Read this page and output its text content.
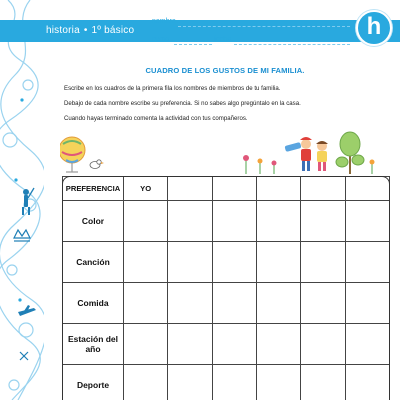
historia • 1º básico
nombre
curso	fecha	h
CUADRO DE LOS GUSTOS DE MI FAMILIA.
Escribe en los cuadros de la primera fila los nombres de miembros de tu familia.
Debajo de cada nombre escribe su preferencia. Si no sabes algo pregúntalo en la casa.
Cuando hayas terminado comenta la actividad con tus compañeros.
PREFERENCIA	YO					
Color						
Canción						
Comida						
Estación del año						
Deporte						
